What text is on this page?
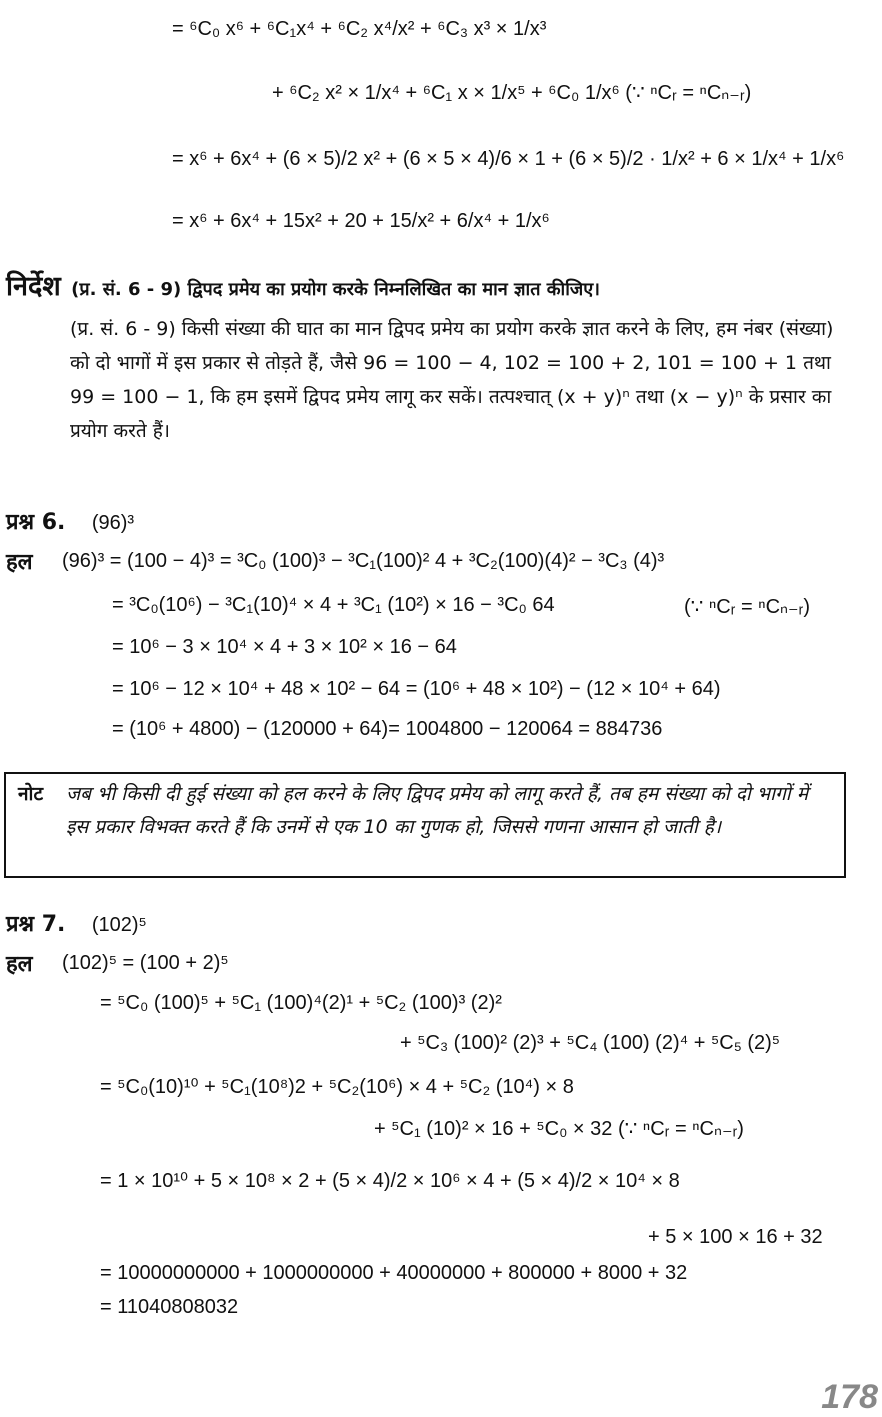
= ⁶C₀ x⁶ + ⁶C₁x⁴ + ⁶C₂ x⁴/x² + ⁶C₃ x³ × 1/x³
+ ⁶C₂ x² × 1/x⁴ + ⁶C₁ x × 1/x⁵ + ⁶C₀ 1/x⁶ (∵ ⁿCᵣ = ⁿCₙ₋ᵣ)
= x⁶ + 6x⁴ + (6 × 5)/2 x² + (6 × 5 × 4)/6 × 1 + (6 × 5)/2 · 1/x² + 6 × 1/x⁴ + 1/x⁶
= x⁶ + 6x⁴ + 15x² + 20 + 15/x² + 6/x⁴ + 1/x⁶
निर्देश (प्र. सं. 6 - 9) द्विपद प्रमेय का प्रयोग करके निम्नलिखित का मान ज्ञात कीजिए।

(प्र. सं. 6 - 9) किसी संख्या की घात का मान द्विपद प्रमेय का प्रयोग करके ज्ञात करने के लिए, हम नंबर (संख्या) को दो भागों में इस प्रकार से तोड़ते हैं, जैसे 96 = 100 − 4, 102 = 100 + 2, 101 = 100 + 1 तथा 99 = 100 − 1, कि हम इसमें द्विपद प्रमेय लागू कर सकें। तत्पश्चात् (x + y)ⁿ तथा (x − y)ⁿ के प्रसार का प्रयोग करते हैं।

प्रश्न 6. (96)³
हल (96)³ = (100 − 4)³ = ³C₀ (100)³ − ³C₁(100)² 4 + ³C₂(100)(4)² − ³C₃ (4)³
= ³C₀(10⁶) − ³C₁(10)⁴ × 4 + ³C₁ (10²) × 16 − ³C₀ 64	(∵ ⁿCᵣ = ⁿCₙ₋ᵣ)
= 10⁶ − 3 × 10⁴ × 4 + 3 × 10² × 16 − 64
= 10⁶ − 12 × 10⁴ + 48 × 10² − 64 = (10⁶ + 48 × 10²) − (12 × 10⁴ + 64)
= (10⁶ + 4800) − (120000 + 64)= 1004800 − 120064 = 884736
नोट जब भी किसी दी हुई संख्या को हल करने के लिए द्विपद प्रमेय को लागू करते हैं, तब हम संख्या को दो भागों में इस प्रकार विभक्त करते हैं कि उनमें से एक 10 का गुणक हो, जिससे गणना आसान हो जाती है।
प्रश्न 7. (102)⁵
हल (102)⁵ = (100 + 2)⁵
= ⁵C₀ (100)⁵ + ⁵C₁ (100)⁴(2)¹ + ⁵C₂ (100)³ (2)²
+ ⁵C₃ (100)² (2)³ + ⁵C₄ (100) (2)⁴ + ⁵C₅ (2)⁵
= ⁵C₀(10)¹⁰ + ⁵C₁(10⁸)2 + ⁵C₂(10⁶) × 4 + ⁵C₂ (10⁴) × 8
+ ⁵C₁ (10)² × 16 + ⁵C₀ × 32 (∵ ⁿCᵣ = ⁿCₙ₋ᵣ)
= 1 × 10¹⁰ + 5 × 10⁸ × 2 + (5 × 4)/2 × 10⁶ × 4 + (5 × 4)/2 × 10⁴ × 8
+ 5 × 100 × 16 + 32
= 10000000000 + 1000000000 + 40000000 + 800000 + 8000 + 32
= 11040808032
178
